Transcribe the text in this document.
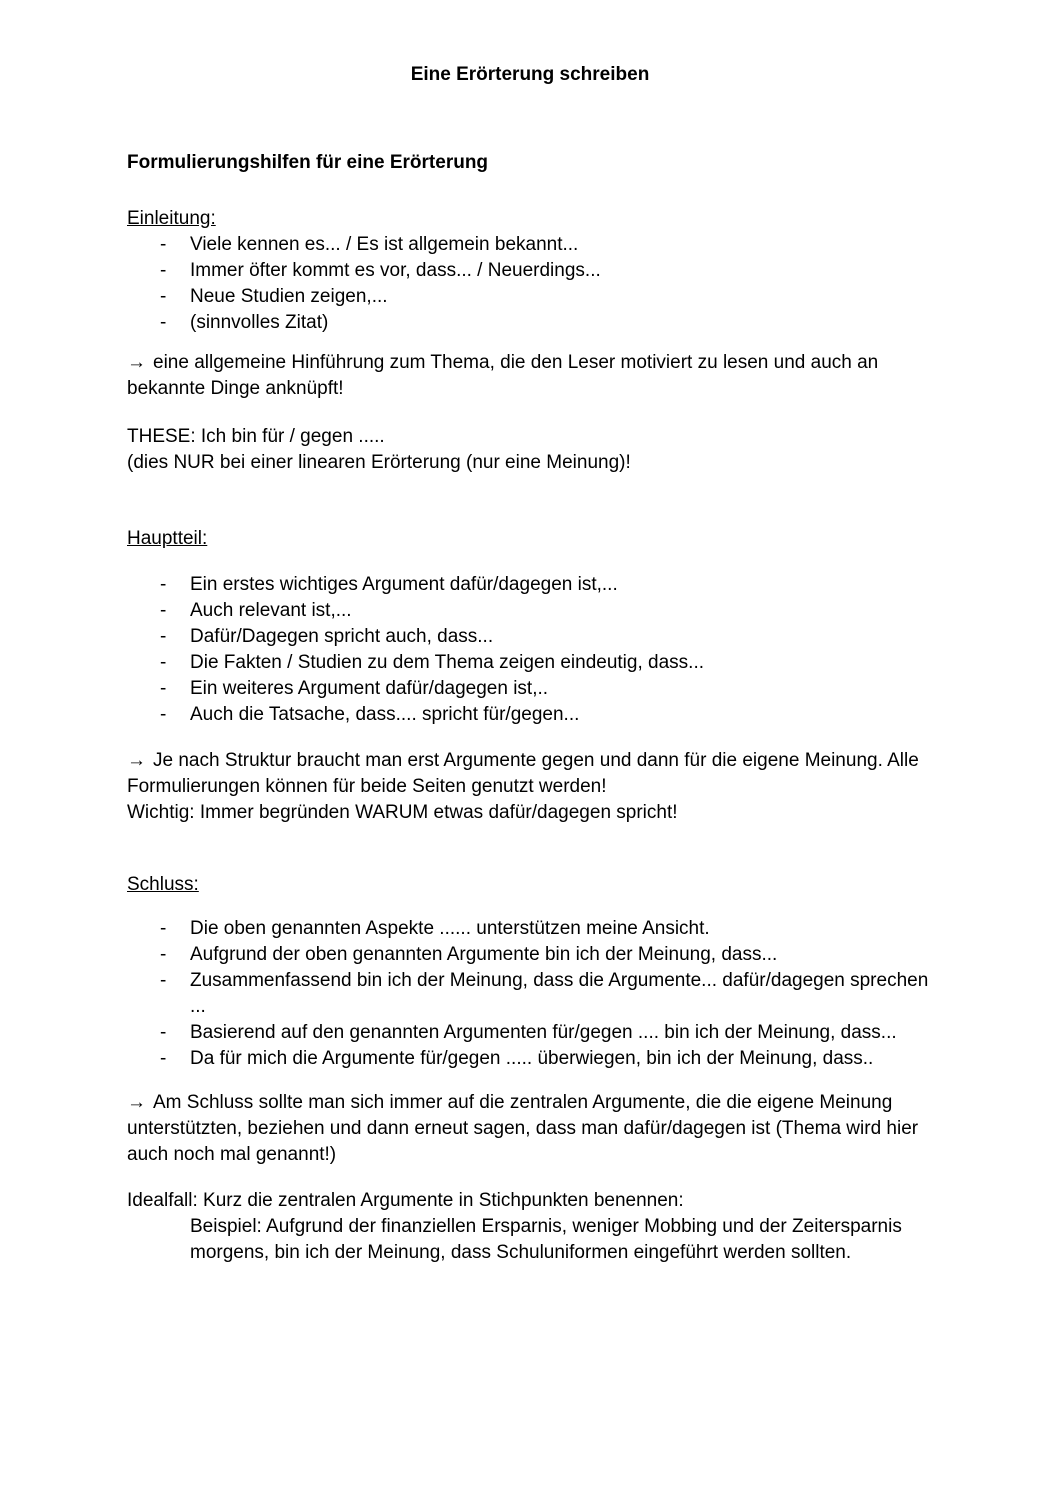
Eine Erörterung schreiben
Formulierungshilfen für eine Erörterung
Einleitung:
-	Viele kennen es... / Es ist allgemein bekannt...
-	Immer öfter kommt es vor, dass... / Neuerdings...
-	Neue Studien zeigen,...
-	(sinnvolles Zitat)
→ eine allgemeine Hinführung zum Thema, die den Leser motiviert zu lesen und auch an bekannte Dinge anknüpft!
THESE: Ich bin für / gegen .....
(dies NUR bei einer linearen Erörterung (nur eine Meinung)!
Hauptteil:
-	Ein erstes wichtiges Argument dafür/dagegen ist,...
-	Auch relevant ist,...
-	Dafür/Dagegen spricht auch, dass...
-	Die Fakten / Studien zu dem Thema zeigen eindeutig, dass...
-	Ein weiteres Argument dafür/dagegen ist,..
-	Auch die Tatsache, dass.... spricht für/gegen...
→ Je nach Struktur braucht man erst Argumente gegen und dann für die eigene Meinung. Alle Formulierungen können für beide Seiten genutzt werden!
Wichtig: Immer begründen WARUM etwas dafür/dagegen spricht!
Schluss:
-	Die oben genannten Aspekte ...... unterstützen meine Ansicht.
-	Aufgrund der oben genannten Argumente bin ich der Meinung, dass...
-	Zusammenfassend bin ich der Meinung, dass die Argumente... dafür/dagegen sprechen ...
-	Basierend auf den genannten Argumenten für/gegen .... bin ich der Meinung, dass...
-	Da für mich die Argumente für/gegen ..... überwiegen, bin ich der Meinung, dass..
→ Am Schluss sollte man sich immer auf die zentralen Argumente, die die eigene Meinung unterstützten, beziehen und dann erneut sagen, dass man dafür/dagegen ist (Thema wird hier auch noch mal genannt!)
Idealfall: Kurz die zentralen Argumente in Stichpunkten benennen:
Beispiel: Aufgrund der finanziellen Ersparnis, weniger Mobbing und der Zeitersparnis morgens, bin ich der Meinung, dass Schuluniformen eingeführt werden sollten.
